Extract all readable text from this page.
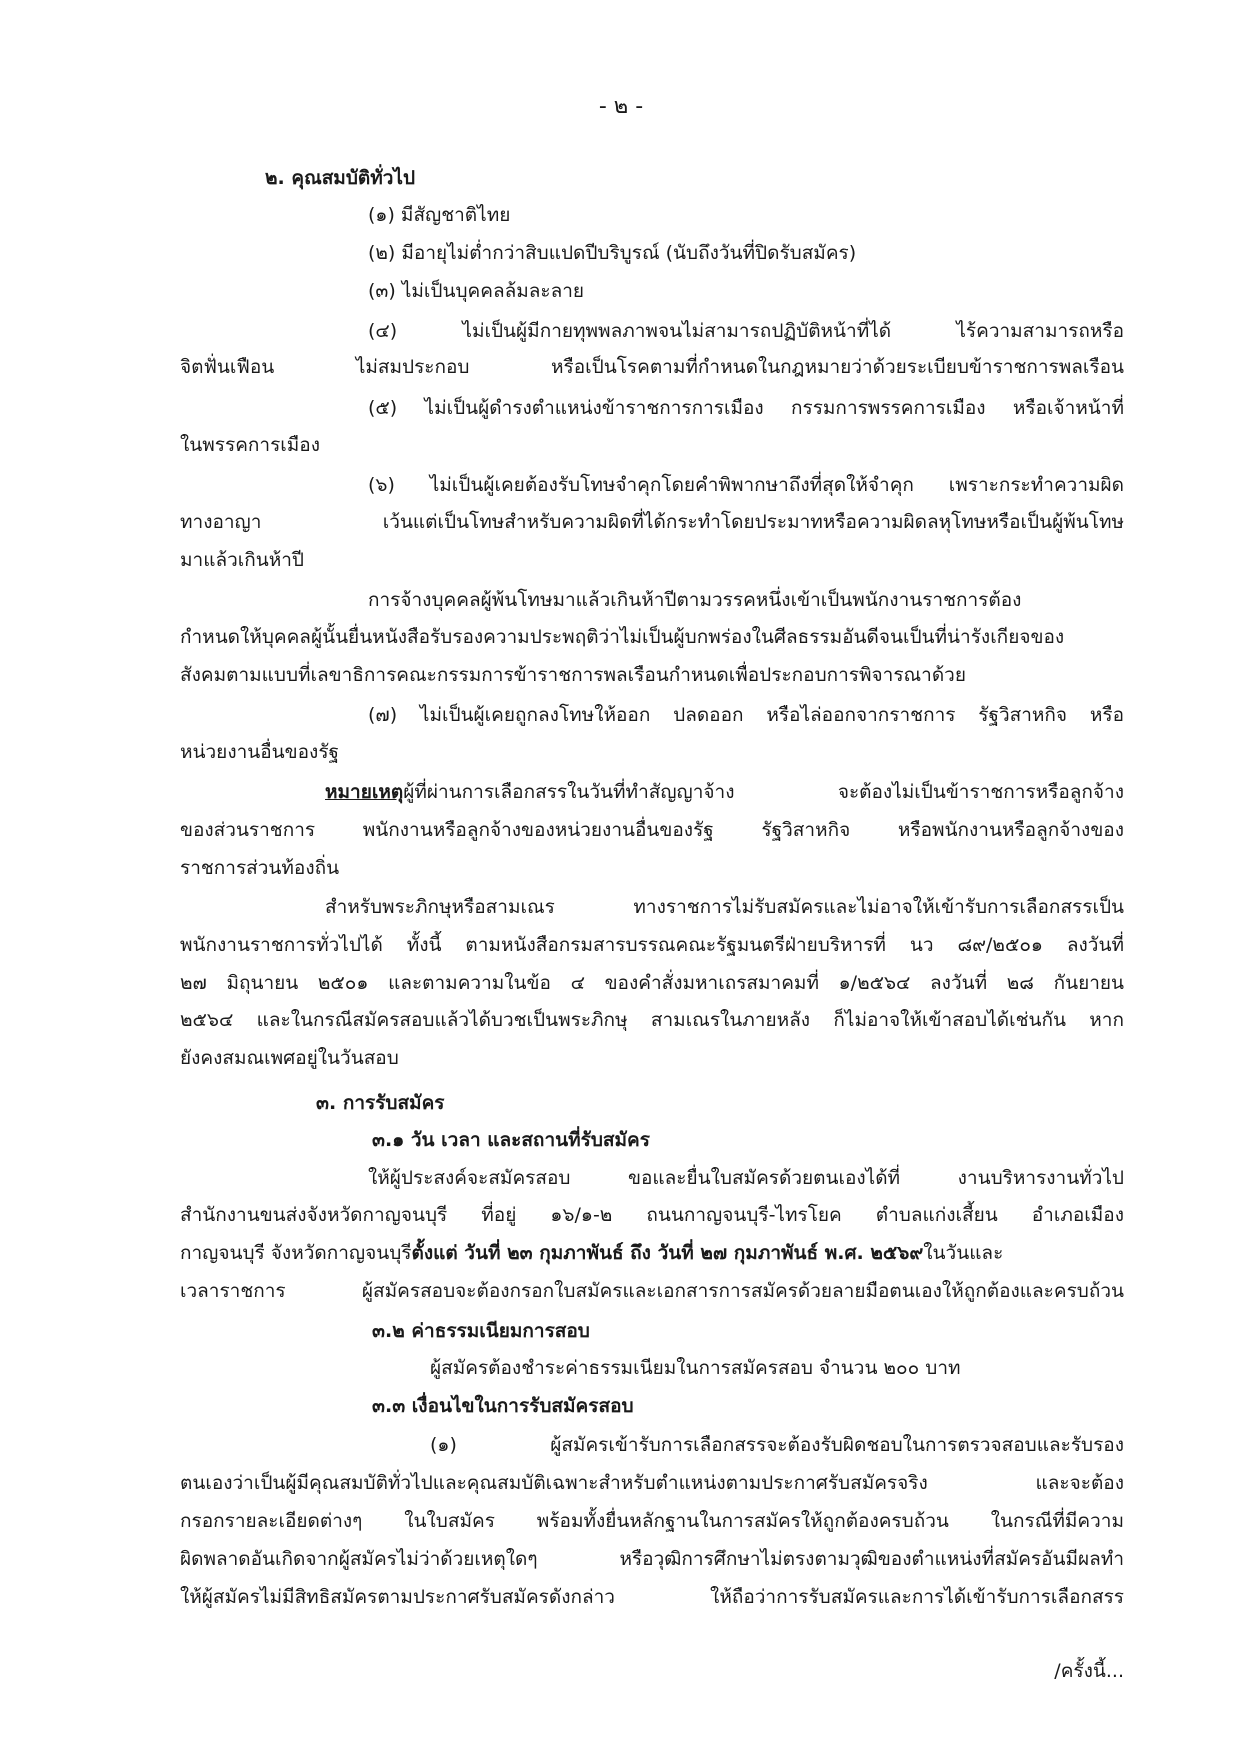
- ๒ -
๒. คุณสมบัติทั่วไป
(๑) มีสัญชาติไทย
(๒) มีอายุไม่ต่ำกว่าสิบแปดปีบริบูรณ์ (นับถึงวันที่ปิดรับสมัคร)
(๓) ไม่เป็นบุคคลล้มละลาย
(๔) ไม่เป็นผู้มีกายทุพพลภาพจนไม่สามารถปฏิบัติหน้าที่ได้ ไร้ความสามารถหรือ
จิตฟั่นเฟือน ไม่สมประกอบ หรือเป็นโรคตามที่กำหนดในกฎหมายว่าด้วยระเบียบข้าราชการพลเรือน
(๕) ไม่เป็นผู้ดำรงตำแหน่งข้าราชการการเมือง กรรมการพรรคการเมือง หรือเจ้าหน้าที่
ในพรรคการเมือง
(๖) ไม่เป็นผู้เคยต้องรับโทษจำคุกโดยคำพิพากษาถึงที่สุดให้จำคุก เพราะกระทำความผิด
ทางอาญา เว้นแต่เป็นโทษสำหรับความผิดที่ได้กระทำโดยประมาทหรือความผิดลหุโทษหรือเป็นผู้พ้นโทษ
มาแล้วเกินห้าปี
การจ้างบุคคลผู้พ้นโทษมาแล้วเกินห้าปีตามวรรคหนึ่งเข้าเป็นพนักงานราชการต้อง
กำหนดให้บุคคลผู้นั้นยื่นหนังสือรับรองความประพฤติว่าไม่เป็นผู้บกพร่องในศีลธรรมอันดีจนเป็นที่น่ารังเกียจของ
สังคมตามแบบที่เลขาธิการคณะกรรมการข้าราชการพลเรือนกำหนดเพื่อประกอบการพิจารณาด้วย
(๗) ไม่เป็นผู้เคยถูกลงโทษให้ออก ปลดออก หรือไล่ออกจากราชการ รัฐวิสาหกิจ หรือ
หน่วยงานอื่นของรัฐ
หมายเหตุ ผู้ที่ผ่านการเลือกสรรในวันที่ทำสัญญาจ้าง จะต้องไม่เป็นข้าราชการหรือลูกจ้าง
ของส่วนราชการ พนักงานหรือลูกจ้างของหน่วยงานอื่นของรัฐ รัฐวิสาหกิจ หรือพนักงานหรือลูกจ้างของ
ราชการส่วนท้องถิ่น
สำหรับพระภิกษุหรือสามเณร ทางราชการไม่รับสมัครและไม่อาจให้เข้ารับการเลือกสรรเป็น
พนักงานราชการทั่วไปได้ ทั้งนี้ ตามหนังสือกรมสารบรรณคณะรัฐมนตรีฝ่ายบริหารที่ นว ๘๙/๒๕๐๑ ลงวันที่
๒๗ มิถุนายน ๒๕๐๑ และตามความในข้อ ๔ ของคำสั่งมหาเถรสมาคมที่ ๑/๒๕๖๔ ลงวันที่ ๒๘ กันยายน
๒๕๖๔ และในกรณีสมัครสอบแล้วได้บวชเป็นพระภิกษุ สามเณรในภายหลัง ก็ไม่อาจให้เข้าสอบได้เช่นกัน หาก
ยังคงสมณเพศอยู่ในวันสอบ
๓. การรับสมัคร
๓.๑ วัน เวลา และสถานที่รับสมัคร
ให้ผู้ประสงค์จะสมัครสอบ ขอและยื่นใบสมัครด้วยตนเองได้ที่ งานบริหารงานทั่วไป
สำนักงานขนส่งจังหวัดกาญจนบุรี ที่อยู่ ๑๖/๑-๒ ถนนกาญจนบุรี-ไทรโยค ตำบลแก่งเสี้ยน อำเภอเมือง
กาญจนบุรี จังหวัดกาญจนบุรี ตั้งแต่ วันที่ ๒๓ กุมภาพันธ์ ถึง วันที่ ๒๗ กุมภาพันธ์ พ.ศ. ๒๕๖๙ ในวันและ
เวลาราชการ ผู้สมัครสอบจะต้องกรอกใบสมัครและเอกสารการสมัครด้วยลายมือตนเองให้ถูกต้องและครบถ้วน
๓.๒ ค่าธรรมเนียมการสอบ
ผู้สมัครต้องชำระค่าธรรมเนียมในการสมัครสอบ จำนวน ๒๐๐ บาท
๓.๓ เงื่อนไขในการรับสมัครสอบ
(๑) ผู้สมัครเข้ารับการเลือกสรรจะต้องรับผิดชอบในการตรวจสอบและรับรอง
ตนเองว่าเป็นผู้มีคุณสมบัติทั่วไปและคุณสมบัติเฉพาะสำหรับตำแหน่งตามประกาศรับสมัครจริง และจะต้อง
กรอกรายละเอียดต่างๆ ในใบสมัคร พร้อมทั้งยื่นหลักฐานในการสมัครให้ถูกต้องครบถ้วน ในกรณีที่มีความ
ผิดพลาดอันเกิดจากผู้สมัครไม่ว่าด้วยเหตุใดๆ หรือวุฒิการศึกษาไม่ตรงตามวุฒิของตำแหน่งที่สมัครอันมีผลทำ
ให้ผู้สมัครไม่มีสิทธิสมัครตามประกาศรับสมัครดังกล่าว ให้ถือว่าการรับสมัครและการได้เข้ารับการเลือกสรร
/ครั้งนี้...
